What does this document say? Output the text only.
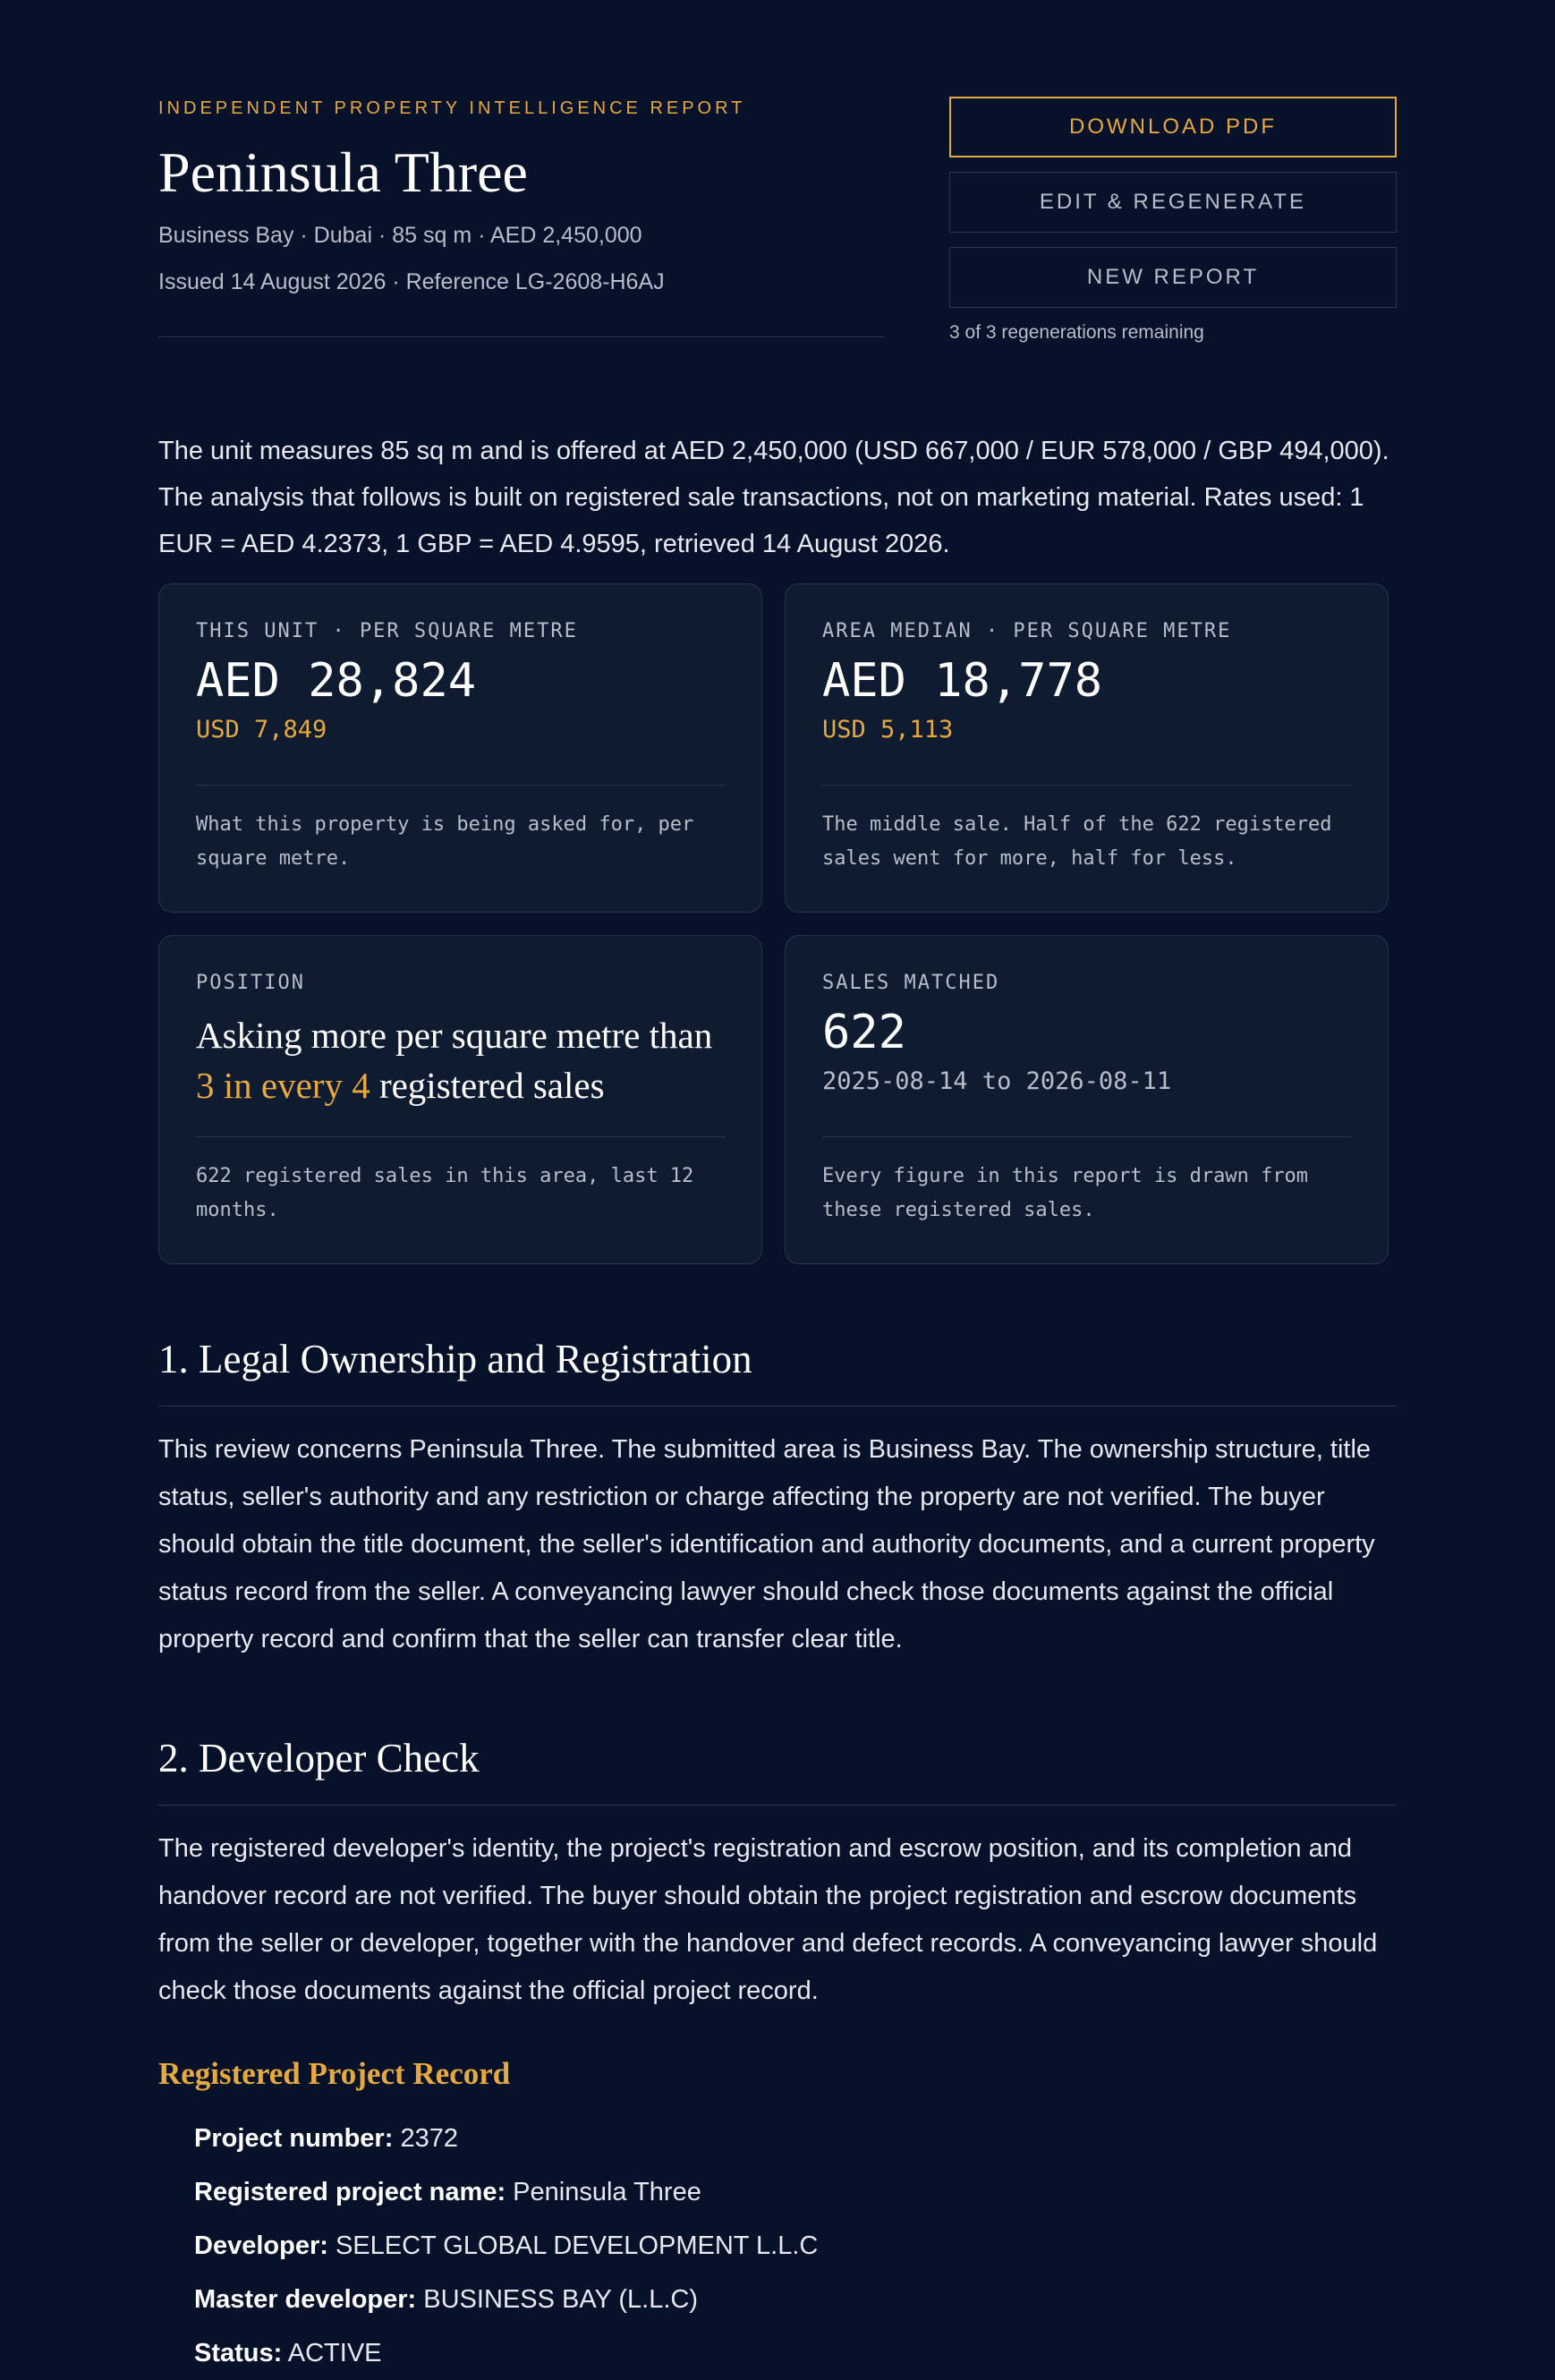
INDEPENDENT PROPERTY INTELLIGENCE REPORT
Peninsula Three
Business Bay · Dubai · 85 sq m · AED 2,450,000
Issued 14 August 2026 · Reference LG-2608-H6AJ
DOWNLOAD PDF
EDIT & REGENERATE
NEW REPORT
3 of 3 regenerations remaining

The unit measures 85 sq m and is offered at AED 2,450,000 (USD 667,000 / EUR 578,000 / GBP 494,000). The analysis that follows is built on registered sale transactions, not on marketing material. Rates used: 1 EUR = AED 4.2373, 1 GBP = AED 4.9595, retrieved 14 August 2026.

THIS UNIT · PER SQUARE METRE
AED 28,824
USD 7,849
What this property is being asked for, per square metre.
AREA MEDIAN · PER SQUARE METRE
AED 18,778
USD 5,113
The middle sale. Half of the 622 registered sales went for more, half for less.
POSITION
Asking more per square metre than 3 in every 4 registered sales
622 registered sales in this area, last 12 months.
SALES MATCHED
622
2025-08-14 to 2026-08-11
Every figure in this report is drawn from these registered sales.
1. Legal Ownership and Registration

This review concerns Peninsula Three. The submitted area is Business Bay. The ownership structure, title status, seller's authority and any restriction or charge affecting the property are not verified. The buyer should obtain the title document, the seller's identification and authority documents, and a current property status record from the seller. A conveyancing lawyer should check those documents against the official property record and confirm that the seller can transfer clear title.

2. Developer Check

The registered developer's identity, the project's registration and escrow position, and its completion and handover record are not verified. The buyer should obtain the project registration and escrow documents from the seller or developer, together with the handover and defect records. A conveyancing lawyer should check those documents against the official project record.

Registered Project Record
Project number: 2372
Registered project name: Peninsula Three
Developer: SELECT GLOBAL DEVELOPMENT L.L.C
Master developer: BUSINESS BAY (L.L.C)
Status: ACTIVE
